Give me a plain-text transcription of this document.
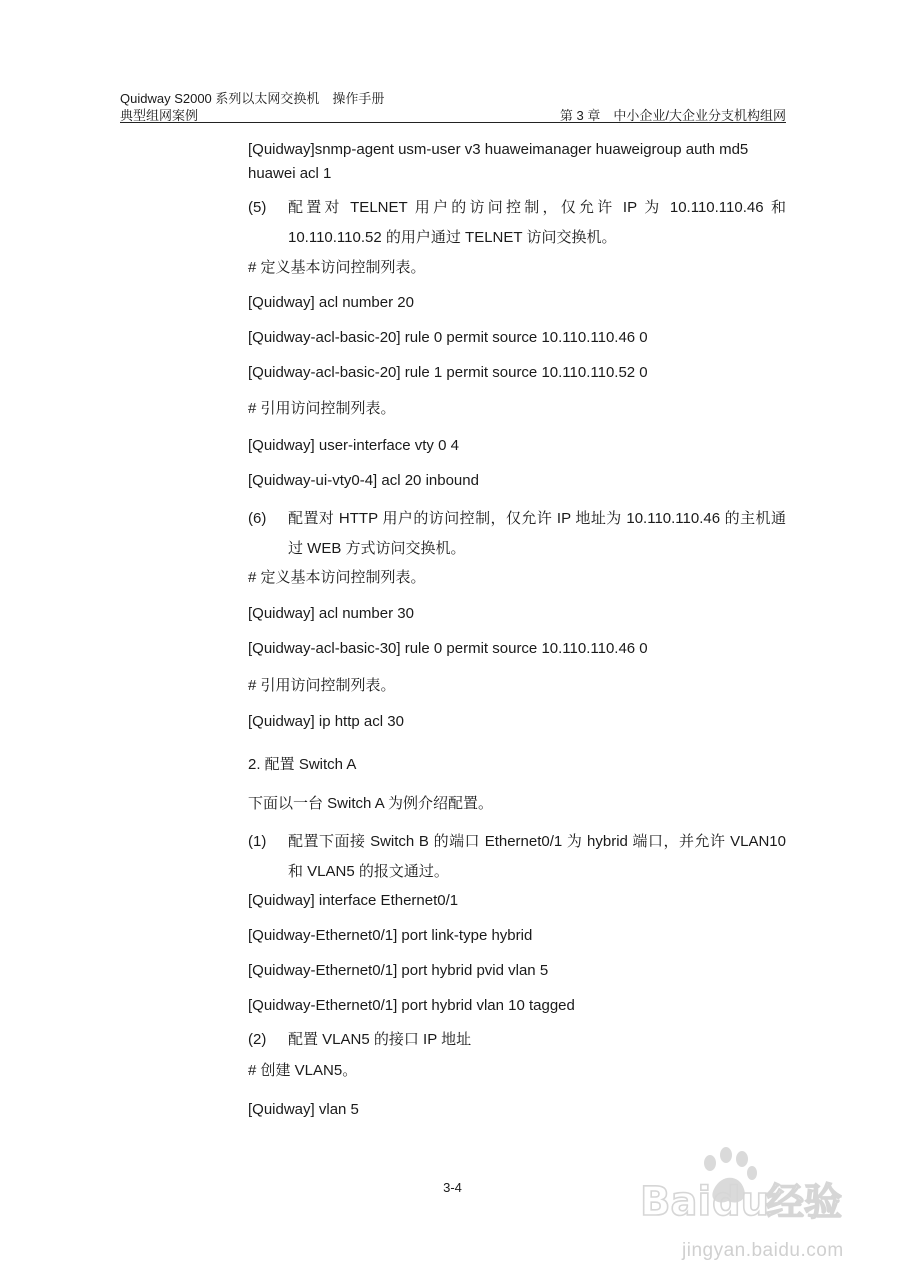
Quidway S2000 系列以太网交换机　操作手册
典型组网案例	第 3 章　中小企业/大企业分支机构组网
[Quidway]snmp-agent usm-user v3 huaweimanager huaweigroup auth md5 huawei acl 1
(5) 配置对 TELNET 用户的访问控制，仅允许 IP 为 10.110.110.46 和 10.110.110.52 的用户通过 TELNET 访问交换机。
# 定义基本访问控制列表。
[Quidway] acl number 20
[Quidway-acl-basic-20] rule 0 permit source 10.110.110.46 0
[Quidway-acl-basic-20] rule 1 permit source 10.110.110.52 0
# 引用访问控制列表。
[Quidway] user-interface vty 0 4
[Quidway-ui-vty0-4] acl 20 inbound
(6) 配置对 HTTP 用户的访问控制，仅允许 IP 地址为 10.110.110.46 的主机通过 WEB 方式访问交换机。
# 定义基本访问控制列表。
[Quidway] acl number 30
[Quidway-acl-basic-30] rule 0 permit source 10.110.110.46 0
# 引用访问控制列表。
[Quidway] ip http acl 30
2. 配置 Switch A
下面以一台 Switch A 为例介绍配置。
(1) 配置下面接 Switch B 的端口 Ethernet0/1 为 hybrid 端口，并允许 VLAN10 和 VLAN5 的报文通过。
[Quidway] interface Ethernet0/1
[Quidway-Ethernet0/1] port link-type hybrid
[Quidway-Ethernet0/1] port hybrid pvid vlan 5
[Quidway-Ethernet0/1] port hybrid vlan 10 tagged
(2) 配置 VLAN5 的接口 IP 地址
# 创建 VLAN5。
[Quidway] vlan 5
3-4	Bai du
经验
jingyan.baidu.com
